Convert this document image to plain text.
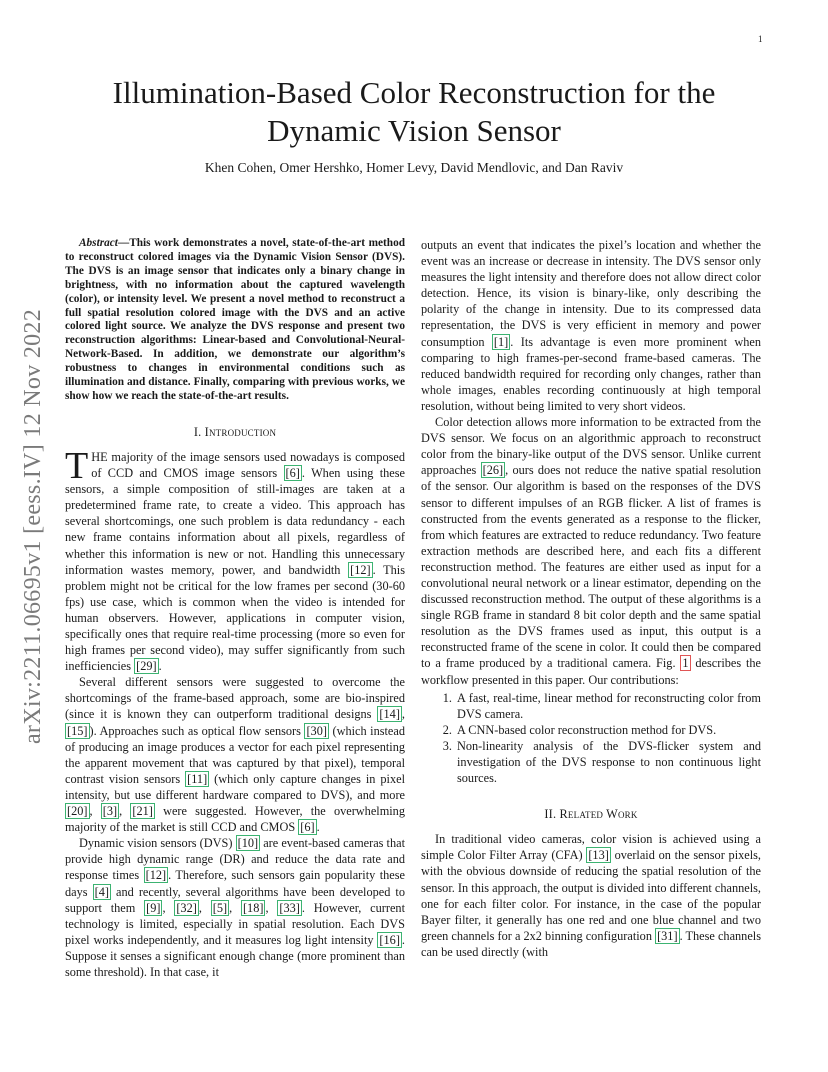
1
arXiv:2211.06695v1 [eess.IV] 12 Nov 2022
Illumination-Based Color Reconstruction for the Dynamic Vision Sensor

Khen Cohen, Omer Hershko, Homer Levy, David Mendlovic, and Dan Raviv

Abstract—This work demonstrates a novel, state-of-the-art method to reconstruct colored images via the Dynamic Vision Sensor (DVS). The DVS is an image sensor that indicates only a binary change in brightness, with no information about the captured wavelength (color), or intensity level. We present a novel method to reconstruct a full spatial resolution colored image with the DVS and an active colored light source. We analyze the DVS response and present two reconstruction algorithms: Linear-based and Convolutional-Neural-Network-Based. In addition, we demonstrate our algorithm’s robustness to changes in environmental conditions such as illumination and distance. Finally, comparing with previous works, we show how we reach the state-of-the-art results.

I. Introduction

THE majority of the image sensors used nowadays is composed of CCD and CMOS image sensors [6] . When using these sensors, a simple composition of still-images are taken at a predetermined frame rate, to create a video. This approach has several shortcomings, one such problem is data redundancy - each new frame contains information about all pixels, regardless of whether this information is new or not. Handling this unnecessary information wastes memory, power, and bandwidth [12] . This problem might not be critical for the low frames per second (30-60 fps) use case, which is common when the video is intended for human observers. However, applications in computer vision, specifically ones that require real-time processing (more so even for high frames per second video), may suffer significantly from such inefficiencies [29] .

Several different sensors were suggested to overcome the shortcomings of the frame-based approach, some are bio-inspired (since it is known they can outperform traditional designs [14] , [15] ). Approaches such as optical flow sensors [30] (which instead of producing an image produces a vector for each pixel representing the apparent movement that was captured by that pixel), temporal contrast vision sensors [11] (which only capture changes in pixel intensity, but use different hardware compared to DVS), and more [20] , [3] , [21] were suggested. However, the overwhelming majority of the market is still CCD and CMOS [6] .

Dynamic vision sensors (DVS) [10] are event-based cameras that provide high dynamic range (DR) and reduce the data rate and response times [12] . Therefore, such sensors gain popularity these days [4] and recently, several algorithms have been developed to support them [9] , [32] , [5] , [18] , [33] . However, current technology is limited, especially in spatial resolution. Each DVS pixel works independently, and it measures log light intensity [16] . Suppose it senses a significant enough change (more prominent than some threshold). In that case, it

outputs an event that indicates the pixel’s location and whether the event was an increase or decrease in intensity. The DVS sensor only measures the light intensity and therefore does not allow direct color detection. Hence, its vision is binary-like, only describing the polarity of the change in intensity. Due to its compressed data representation, the DVS is very efficient in memory and power consumption [1] . Its advantage is even more prominent when comparing to high frames-per-second frame-based cameras. The reduced bandwidth required for recording only changes, rather than whole images, enables recording continuously at high temporal resolution, without being limited to very short videos.

Color detection allows more information to be extracted from the DVS sensor. We focus on an algorithmic approach to reconstruct color from the binary-like output of the DVS sensor. Unlike current approaches [26] , ours does not reduce the native spatial resolution of the sensor. Our algorithm is based on the responses of the DVS sensor to different impulses of an RGB flicker. A list of frames is constructed from the events generated as a response to the flicker, from which features are extracted to reduce redundancy. Two feature extraction methods are described here, and each fits a different reconstruction method. The features are either used as input for a convolutional neural network or a linear estimator, depending on the discussed reconstruction method. The output of these algorithms is a single RGB frame in standard 8 bit color depth and the same spatial resolution as the DVS frames used as input, this output is a reconstructed frame of the scene in color. It could then be compared to a frame produced by a traditional camera. Fig. 1 describes the workflow presented in this paper. Our contributions:

1. A fast, real-time, linear method for reconstructing color from DVS camera.
2. A CNN-based color reconstruction method for DVS.
3. Non-linearity analysis of the DVS-flicker system and investigation of the DVS response to non continuous light sources.
II. Related Work

In traditional video cameras, color vision is achieved using a simple Color Filter Array (CFA) [13] overlaid on the sensor pixels, with the obvious downside of reducing the spatial resolution of the sensor. In this approach, the output is divided into different channels, one for each filter color. For instance, in the case of the popular Bayer filter, it generally has one red and one blue channel and two green channels for a 2x2 binning configuration [31] . These channels can be used directly (with
